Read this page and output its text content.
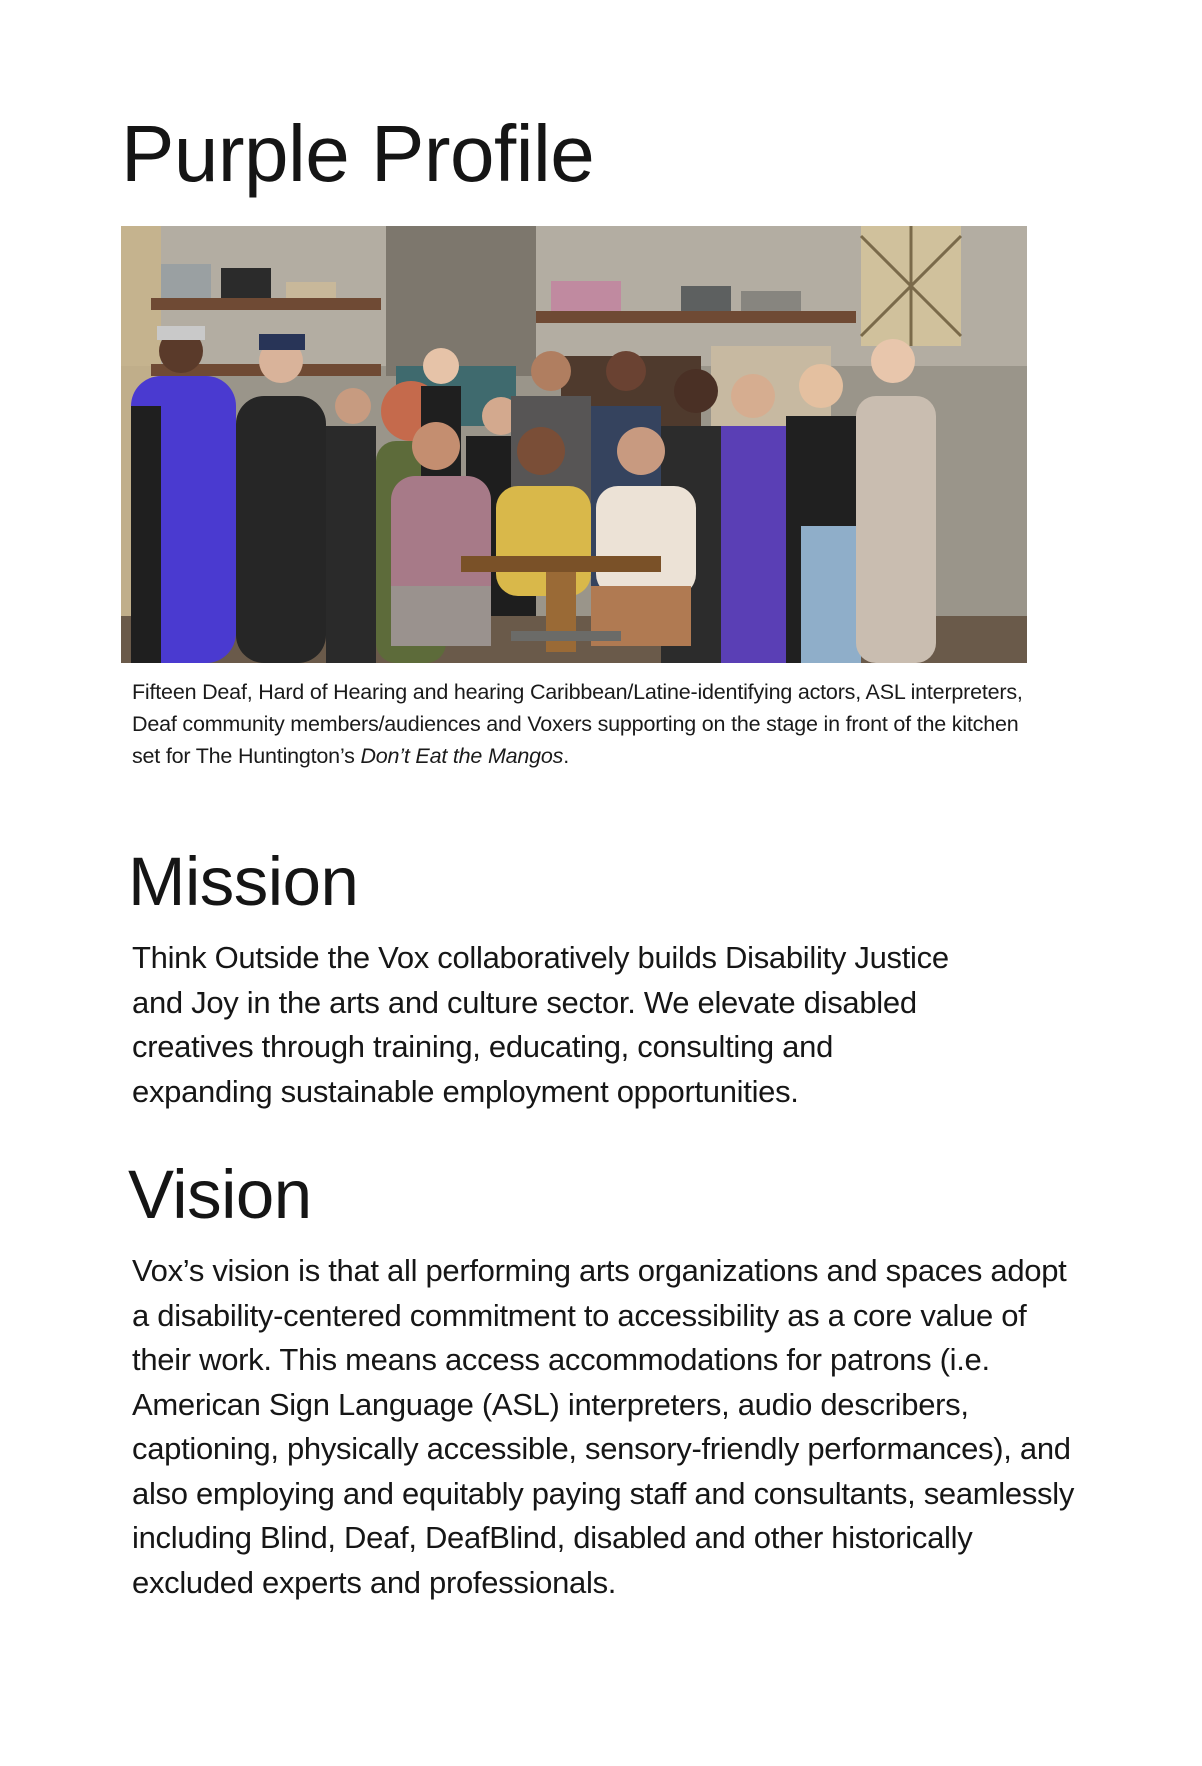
Purple Profile

Fifteen Deaf, Hard of Hearing and hearing Caribbean/Latine-identifying actors, ASL interpreters, Deaf community members/audiences and Voxers supporting on the stage in front of the kitchen set for The Huntington’s Don’t Eat the Mangos.

Mission

Think Outside the Vox collaboratively builds Disability Justice and Joy in the arts and culture sector. We elevate disabled creatives through training, educating, consulting and expanding sustainable employment opportunities.

Vision

Vox’s vision is that all performing arts organizations and spaces adopt a disability-centered commitment to accessibility as a core value of their work. This means access accommodations for patrons (i.e. American Sign Language (ASL) interpreters, audio describers, captioning, physically accessible, sensory-friendly performances), and also employing and equitably paying staff and consultants, seamlessly including Blind, Deaf, DeafBlind, disabled and other historically excluded experts and professionals.
